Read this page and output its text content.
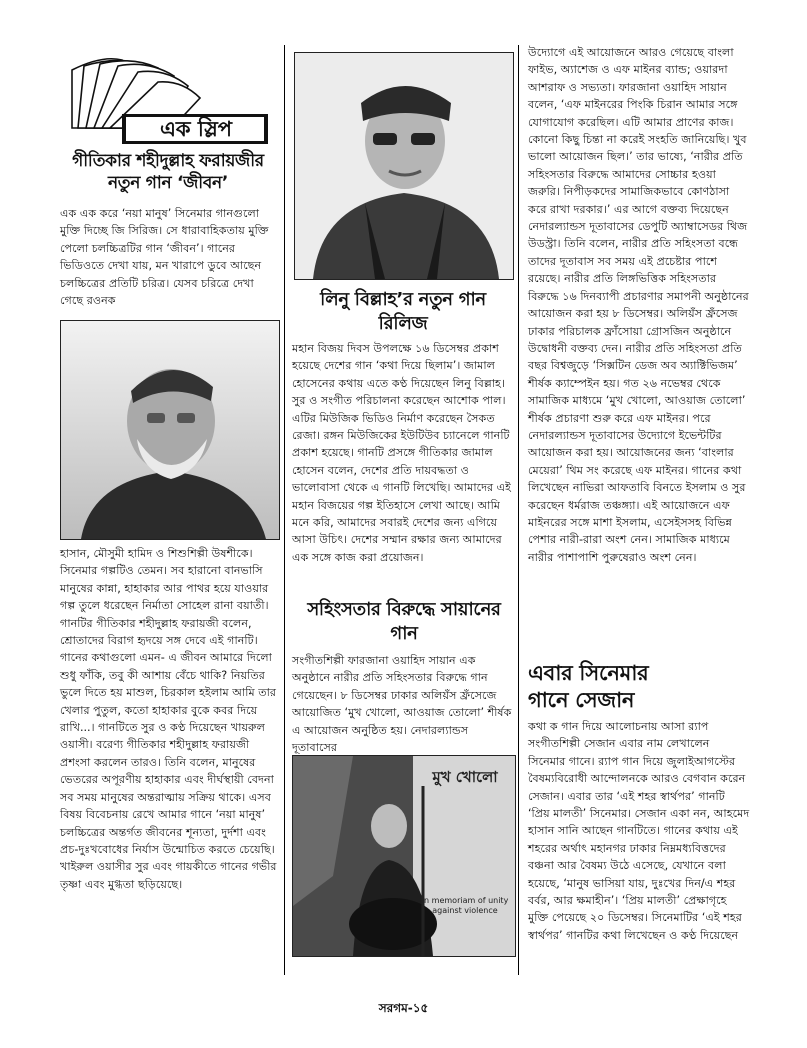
এক স্লিপ
গীতিকার শহীদুল্লাহ ফরায়জীর নতুন গান ‘জীবন’

এক এক করে ‘নয়া মানুষ’ সিনেমার গানগুলো মুক্তি দিচ্ছে জি সিরিজ। সে ধারাবাহিকতায় মুক্তি পেলো চলচ্চিত্রটির গান ‘জীবন’। গানের ভিডিওতে দেখা যায়, মন খারাপে ডুবে আছেন চলচ্চিত্রের প্রতিটি চরিত্র। যেসব চরিত্রে দেখা গেছে রওনক

হাসান, মৌসুমী হামিদ ও শিশুশিল্পী উষশীকে। সিনেমার গল্পটিও তেমন। সব হারানো বানভাসি মানুষের কান্না, হাহাকার আর পাথর হয়ে যাওয়ার গল্প তুলে ধরেছেন নির্মাতা সোহেল রানা বয়াতী। গানটির গীতিকার শহীদুল্লাহ ফরায়জী বলেন, শ্রোতাদের বিরাগ হৃদয়ে সঙ্গ দেবে এই গানটি। গানের কথাগুলো এমন- এ জীবন আমারে দিলো শুধু ফাঁকি, তবু কী আশায় বেঁচে থাকি? নিয়তির ভুলে দিতে হয় মাশুল, চিরকাল হইলাম আমি তার খেলার পুতুল, কতো হাহাকার বুকে কবর দিয়ে রাখি...। গানটিতে সুর ও কণ্ঠ দিয়েছেন খায়রুল ওয়াসী। বরেণ্য গীতিকার শহীদুল্লাহ ফরায়জী প্রশংসা করলেন তারও। তিনি বলেন, মানুষের ভেতরের অপূরণীয় হাহাকার এবং দীর্ঘস্থায়ী বেদনা সব সময় মানুষের অন্তরাত্মায় সক্রিয় থাকে। এসব বিষয় বিবেচনায় রেখে আমার গানে ‘নয়া মানুষ’ চলচ্চিত্রের অন্তর্গত জীবনের শূন্যতা, দুর্দশা এবং প্রচ-দুঃখবোধের নির্যাস উন্মোচিত করতে চেয়েছি। খাইরুল ওয়াসীর সুর এবং গায়কীতে গানের গভীর তৃষ্ণা এবং মুগ্ধতা ছড়িয়েছে।

লিনু বিল্লাহ’র নতুন গান রিলিজ

মহান বিজয় দিবস উপলক্ষে ১৬ ডিসেম্বর প্রকাশ হয়েছে দেশের গান ‘কথা দিয়ে ছিলাম’। জামাল হোসেনের কথায় এতে কণ্ঠ দিয়েছেন লিনু বিল্লাহ। সুর ও সংগীত পরিচালনা করেছেন আশোক পাল। এটির মিউজিক ভিডিও নির্মাণ করেছেন সৈকত রেজা। রঙ্গন মিউজিকের ইউটিউব চ্যানেলে গানটি প্রকাশ হয়েছে। গানটি প্রসঙ্গে গীতিকার জামাল হোসেন বলেন, দেশের প্রতি দায়বদ্ধতা ও ভালোবাসা থেকে এ গানটি লিখেছি। আমাদের এই মহান বিজয়ের গল্প ইতিহাসে লেখা আছে। আমি মনে করি, আমাদের সবারই দেশের জন্য এগিয়ে আসা উচিৎ। দেশের সম্মান রক্ষার জন্য আমাদের এক সঙ্গে কাজ করা প্রয়োজন।

সহিংসতার বিরুদ্ধে সায়ানের গান

সংগীতশিল্পী ফারজানা ওয়াহিদ সায়ান এক অনুষ্ঠানে নারীর প্রতি সহিংসতার বিরুদ্ধে গান গেয়েছেন। ৮ ডিসেম্বর ঢাকার অলিয়ঁস ফ্রঁসেজে আয়োজিত ‘মুখ খোলো, আওয়াজ তোলো’ শীর্ষক এ আয়োজন অনুষ্ঠিত হয়। নেদারল্যান্ডস দূতাবাসের

মুখ খোলো
In memoriam of unity against violence

উদ্যোগে এই আয়োজনে আরও গেয়েছে বাংলা ফাইভ, অ্যাশেজ ও এফ মাইনর ব্যান্ড; ওয়ারদা আশরাফ ও সভ্যতা। ফারজানা ওয়াহিদ সায়ান বলেন, ‘এফ মাইনরের পিংকি চিরান আমার সঙ্গে যোগাযোগ করেছিল। এটি আমার প্রাণের কাজ। কোনো কিছু চিন্তা না করেই সংহতি জানিয়েছি। খুব ভালো আয়োজন ছিল।’ তার ভাষ্যে, ‘নারীর প্রতি সহিংসতার বিরুদ্ধে আমাদের সোচ্চার হওয়া জরুরি। নিপীড়কদের সামাজিকভাবে কোণঠাসা করে রাখা দরকার।’ এর আগে বক্তব্য দিয়েছেন নেদারল্যান্ডস দূতাবাসের ডেপুটি অ্যাম্বাসেডর থিজ উডস্ট্রা। তিনি বলেন, নারীর প্রতি সহিংসতা বন্ধে তাদের দূতাবাস সব সময় এই প্রচেষ্টার পাশে রয়েছে। নারীর প্রতি লিঙ্গভিত্তিক সহিংসতার বিরুদ্ধে ১৬ দিনব্যাপী প্রচারণার সমাপনী অনুষ্ঠানের আয়োজন করা হয় ৮ ডিসেম্বর। অলিয়ঁস ফ্রঁসেজ ঢাকার পরিচালক ফ্রাঁসোয়া গ্রোসজিন অনুষ্ঠানে উদ্বোধনী বক্তব্য দেন। নারীর প্রতি সহিংসতা প্রতি বছর বিশ্বজুড়ে ‘সিক্সটিন ডেজ অব অ্যাক্টিভিজম’ শীর্ষক ক্যাম্পেইন হয়। গত ২৬ নভেম্বর থেকে সামাজিক মাধ্যমে ‘মুখ খোলো, আওয়াজ তোলো’ শীর্ষক প্রচারণা শুরু করে এফ মাইনর। পরে নেদারল্যান্ডস দূতাবাসের উদ্যোগে ইভেন্টটির আয়োজন করা হয়। আয়োজনের জন্য ‘বাংলার মেয়েরা’ থিম সং করেছে এফ মাইনর। গানের কথা লিখেছেন নাভিরা আফতাবি বিনতে ইসলাম ও সুর করেছেন ধর্মরাজ তঞ্চঙ্গ্যা। এই আয়োজনে এফ মাইনরের সঙ্গে মাশা ইসলাম, এসেইসসহ বিভিন্ন পেশার নারী-রারা অংশ নেন। সামাজিক মাধ্যমে নারীর পাশাপাশি পুরুষেরাও অংশ নেন।

এবার সিনেমার গানে সেজান

কথা ক গান দিয়ে আলোচনায় আসা র‍্যাপ সংগীতশিল্পী সেজান এবার নাম লেখালেন সিনেমার গানে। র‍্যাপ গান দিয়ে জুলাইআগস্টের বৈষম্যবিরোধী আন্দোলনকে আরও বেগবান করেন সেজান। এবার তার ‘এই শহর স্বার্থপর’ গানটি ‘প্রিয় মালতী’ সিনেমার। সেজান একা নন, আহমেদ হাসান সানি আছেন গানটিতে। গানের কথায় এই শহরের অর্থাৎ মহানগর ঢাকার নিম্নমধ্যবিত্তদের বঞ্চনা আর বৈষম্য উঠে এসেছে, যেখানে বলা হয়েছে, ‘মানুষ ভাসিয়া যায়, দুঃখের দিন/এ শহর বর্বর, আর ক্ষমাহীন’। ‘প্রিয় মালতী’ প্রেক্ষাগৃহে মুক্তি পেয়েছে ২০ ডিসেম্বর। সিনেমাটির ‘এই শহর স্বার্থপর’ গানটির কথা লিখেছেন ও কণ্ঠ দিয়েছেন

সরগম-১৫
